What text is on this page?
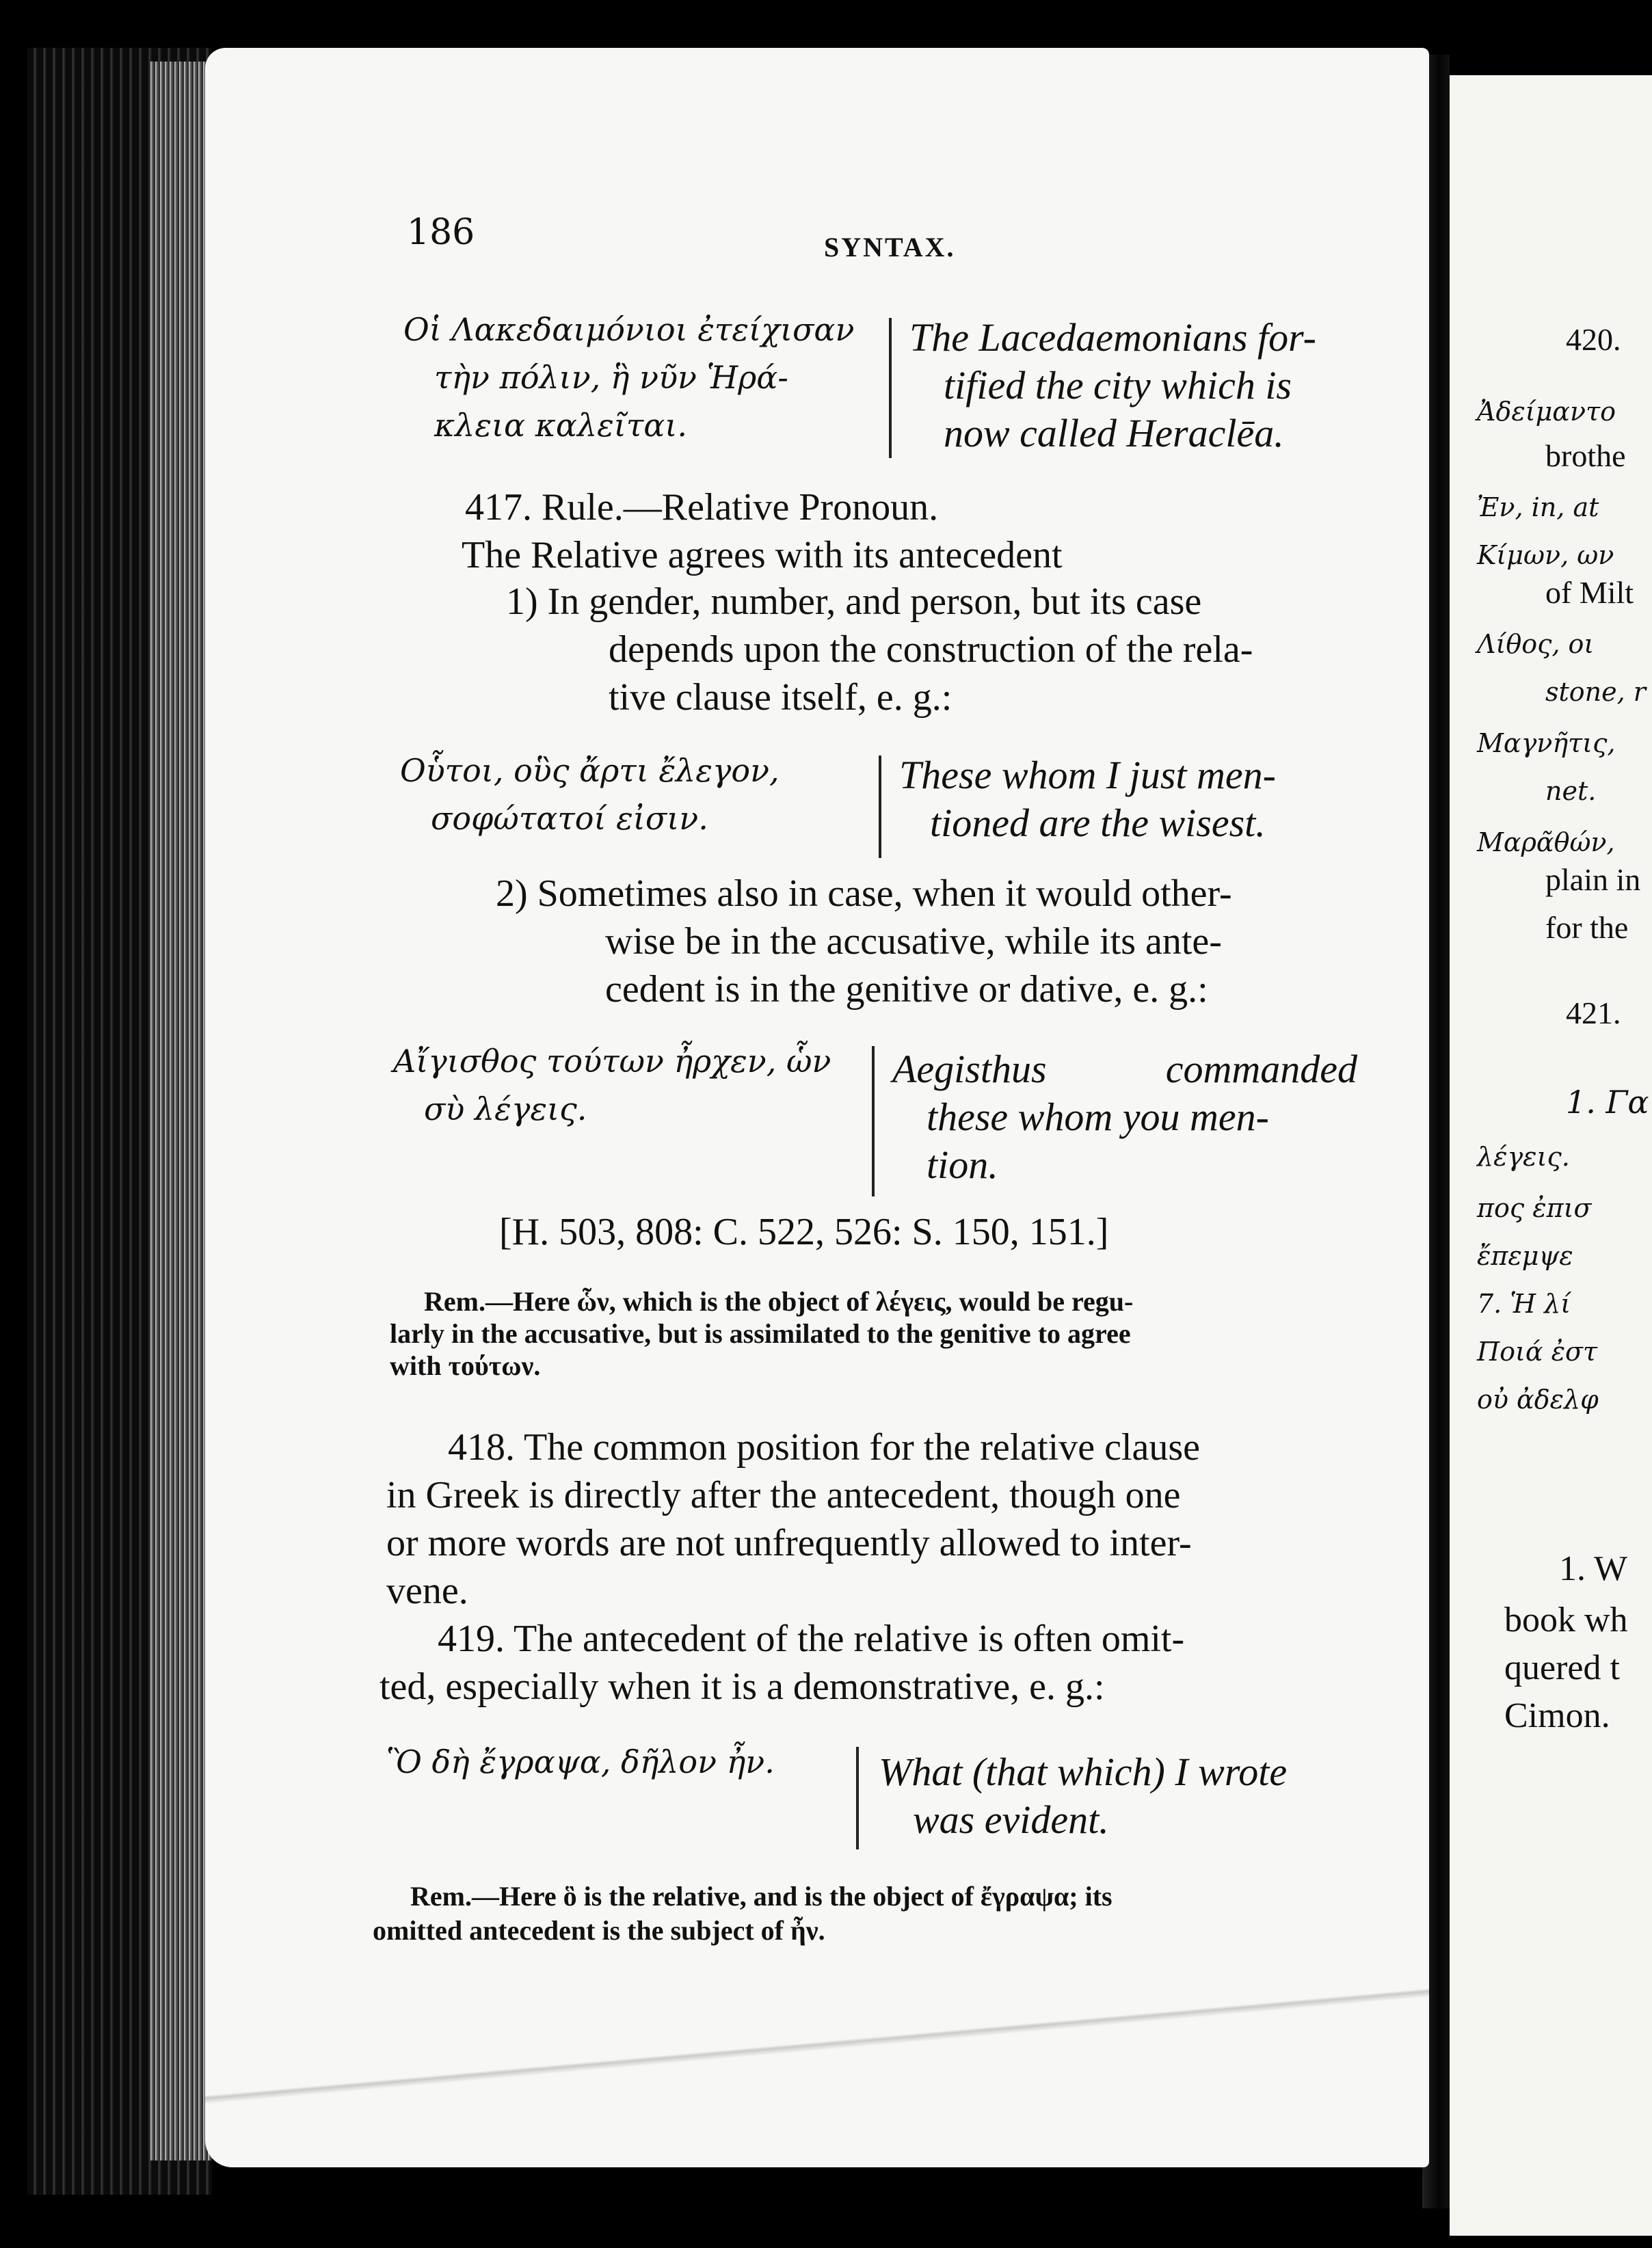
186	SYNTAX.
Οἱ Λακεδαιμόνιοι ἐτείχισαν
τὴν πόλιν, ἣ νῦν Ἡρά-
κλεια καλεῖται.
The Lacedaemonians for-
tified the city which is
now called Heraclēa.
417. Rule.—Relative Pronoun.
The Relative agrees with its antecedent
1) In gender, number, and person, but its case
depends upon the construction of the rela-
tive clause itself, e. g.:
Οὗτοι, οὓς ἄρτι ἔλεγον,
σοφώτατοί εἰσιν.
These whom I just men-
tioned are the wisest.
2) Sometimes also in case, when it would other-
wise be in the accusative, while its ante-
cedent is in the genitive or dative, e. g.:
Αἴγισθος τούτων ἦρχεν, ὧν
σὺ λέγεις.
Aegisthus commanded
these whom you men-
tion.
[H. 503, 808: C. 522, 526: S. 150, 151.]
Rem.—Here ὧν, which is the object of λέγεις, would be regu-
larly in the accusative, but is assimilated to the genitive to agree
with τούτων.
418. The common position for the relative clause
in Greek is directly after the antecedent, though one
or more words are not unfrequently allowed to inter-
vene.
419. The antecedent of the relative is often omit-
ted, especially when it is a demonstrative, e. g.:
Ὃ δὴ ἔγραψα, δῆλον ἦν.	What (that which) I wrote
was evident.
Rem.—Here ὃ is the relative, and is the object of ἔγραψα; its
omitted antecedent is the subject of ἦν.
420.
Ἀδείμαντο
brothe
Ἐν, in, at
Κίμων, ων
of Milt
Λίθος, οι
stone, r
Μαγνῆτις,
net.
Μαρᾶθών,
plain in
for the
421.
1. Γα
λέγεις.
πος ἐπισ
ἔπεμψε
7. Ἡ λί
Ποιά ἐστ
οὐ ἀδελφ
1. W
book wh
quered t
Cimon.
